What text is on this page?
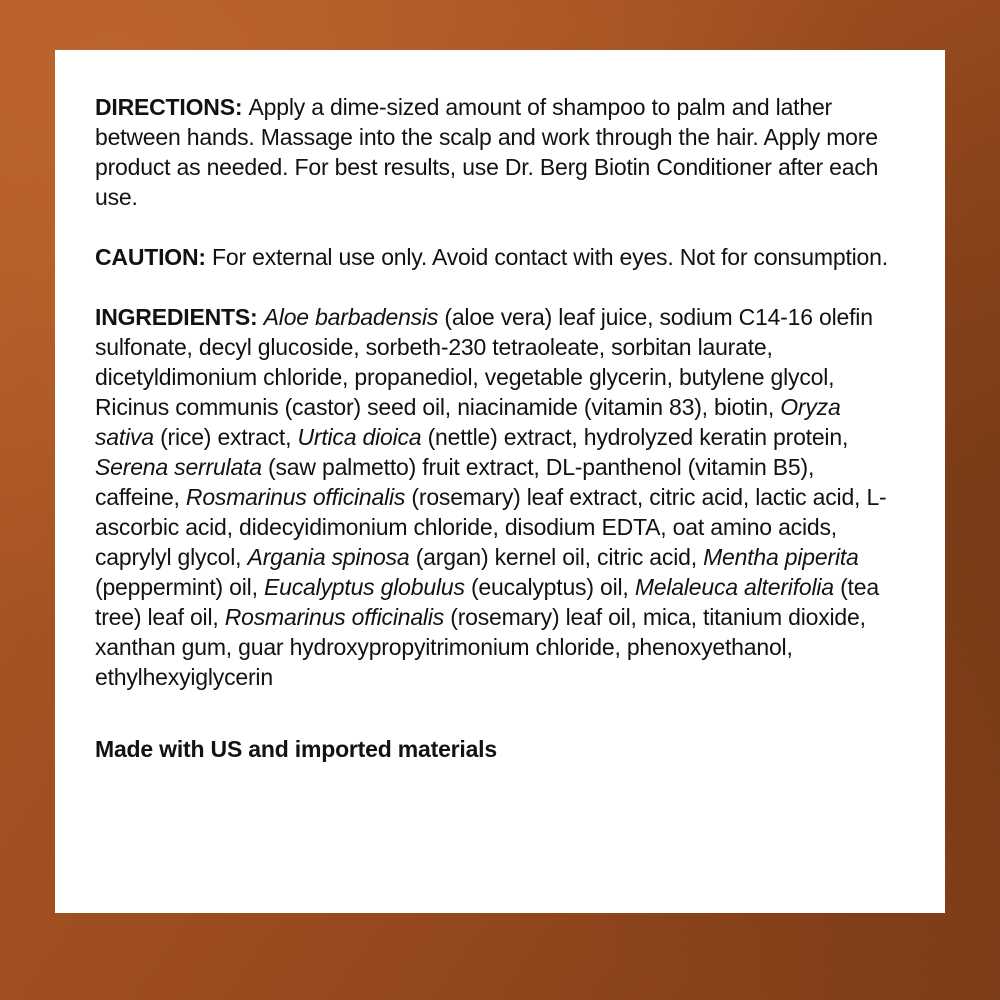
DIRECTIONS: Apply a dime-sized amount of shampoo to palm and lather between hands. Massage into the scalp and work through the hair. Apply more product as needed. For best results, use Dr. Berg Biotin Conditioner after each use.

CAUTION: For external use only. Avoid contact with eyes. Not for consumption.

INGREDIENTS: Aloe barbadensis (aloe vera) leaf juice, sodium C14-16 olefin sulfonate, decyl glucoside, sorbeth-230 tetraoleate, sorbitan laurate, dicetyldimonium chloride, propanediol, vegetable glycerin, butylene glycol, Ricinus communis (castor) seed oil, niacinamide (vitamin 83), biotin, Oryza sativa (rice) extract, Urtica dioica (nettle) extract, hydrolyzed keratin protein, Serena serrulata (saw palmetto) fruit extract, DL-panthenol (vitamin B5), caffeine, Rosmarinus officinalis (rosemary) leaf extract, citric acid, lactic acid, L-ascorbic acid, didecyidimonium chloride, disodium EDTA, oat amino acids, caprylyl glycol, Argania spinosa (argan) kernel oil, citric acid, Mentha piperita (peppermint) oil, Eucalyptus globulus (eucalyptus) oil, Melaleuca alterifolia (tea tree) leaf oil, Rosmarinus officinalis (rosemary) leaf oil, mica, titanium dioxide, xanthan gum, guar hydroxypropyitrimonium chloride, phenoxyethanol, ethylhexyiglycerin

Made with US and imported materials
